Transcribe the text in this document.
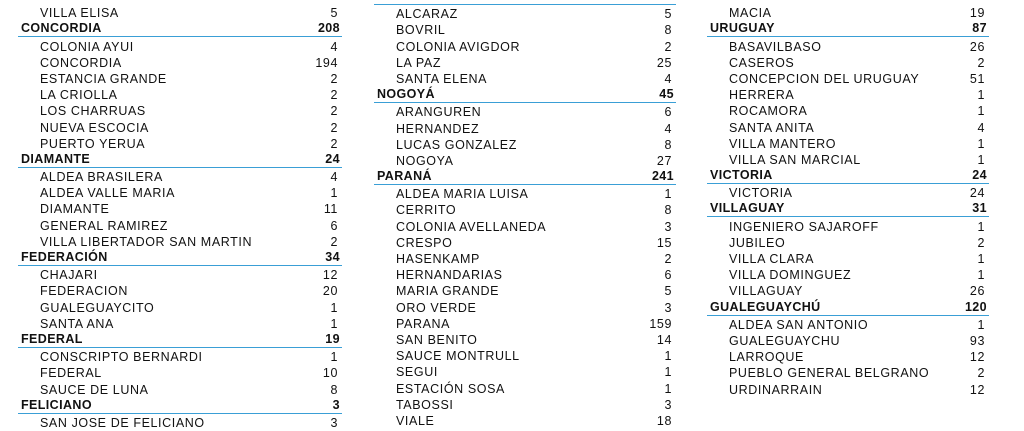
VILLA ELISA	5
CONCORDIA	208
COLONIA AYUI	4
CONCORDIA	194
ESTANCIA GRANDE	2
LA CRIOLLA	2
LOS CHARRUAS	2
NUEVA ESCOCIA	2
PUERTO YERUA	2
DIAMANTE	24
ALDEA BRASILERA	4
ALDEA VALLE MARIA	1
DIAMANTE	11
GENERAL RAMIREZ	6
VILLA LIBERTADOR SAN MARTIN	2
FEDERACIÓN	34
CHAJARI	12
FEDERACION	20
GUALEGUAYCITO	1
SANTA ANA	1
FEDERAL	19
CONSCRIPTO BERNARDI	1
FEDERAL	10
SAUCE DE LUNA	8
FELICIANO	3
SAN JOSE DE FELICIANO	3
ALCARAZ	5
BOVRIL	8
COLONIA AVIGDOR	2
LA PAZ	25
SANTA ELENA	4
NOGOYÁ	45
ARANGUREN	6
HERNANDEZ	4
LUCAS GONZALEZ	8
NOGOYA	27
PARANÁ	241
ALDEA MARIA LUISA	1
CERRITO	8
COLONIA AVELLANEDA	3
CRESPO	15
HASENKAMP	2
HERNANDARIAS	6
MARIA GRANDE	5
ORO VERDE	3
PARANA	159
SAN BENITO	14
SAUCE MONTRULL	1
SEGUI	1
ESTACIÓN SOSA	1
TABOSSI	3
VIALE	18
MACIA	19
URUGUAY	87
BASAVILBASO	26
CASEROS	2
CONCEPCION DEL URUGUAY	51
HERRERA	1
ROCAMORA	1
SANTA ANITA	4
VILLA MANTERO	1
VILLA SAN MARCIAL	1
VICTORIA	24
VICTORIA	24
VILLAGUAY	31
INGENIERO SAJAROFF	1
JUBILEO	2
VILLA CLARA	1
VILLA DOMINGUEZ	1
VILLAGUAY	26
GUALEGUAYCHÚ	120
ALDEA SAN ANTONIO	1
GUALEGUAYCHU	93
LARROQUE	12
PUEBLO GENERAL BELGRANO	2
URDINARRAIN	12
